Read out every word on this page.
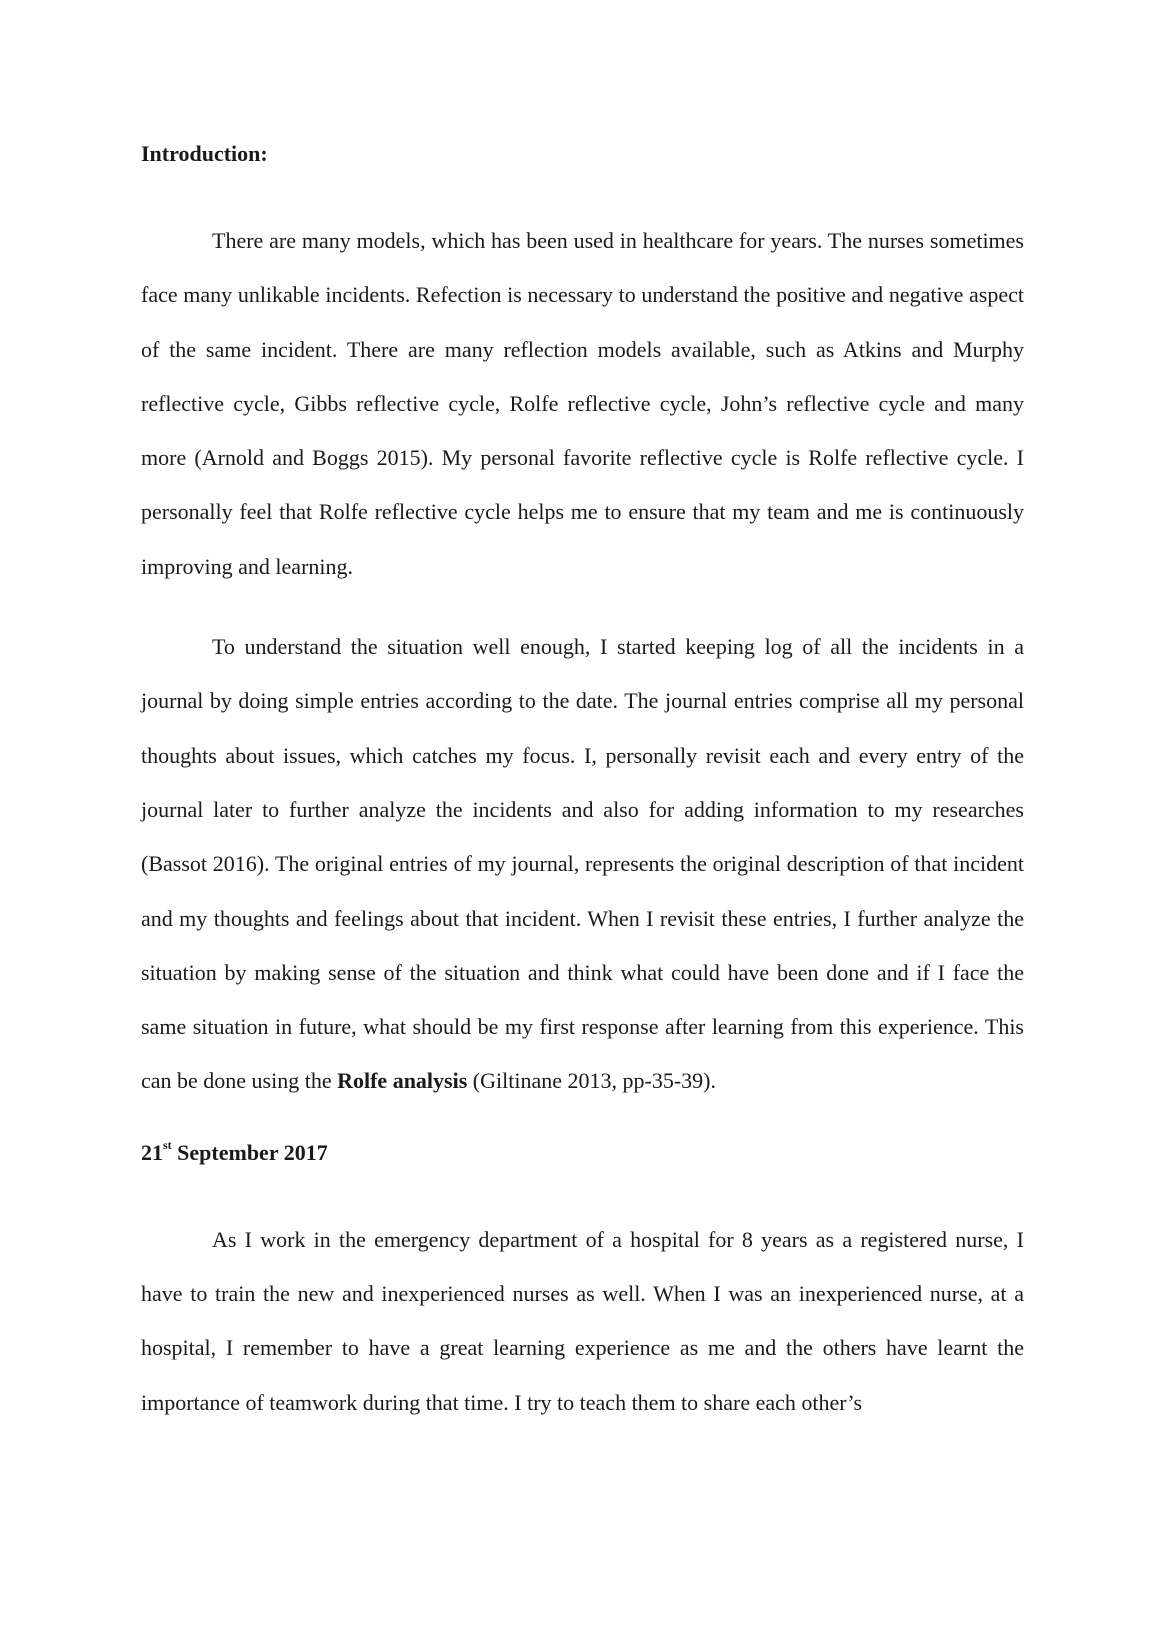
Introduction:

There are many models, which has been used in healthcare for years. The nurses sometimes face many unlikable incidents. Refection is necessary to understand the positive and negative aspect of the same incident. There are many reflection models available, such as Atkins and Murphy reflective cycle, Gibbs reflective cycle, Rolfe reflective cycle, John’s reflective cycle and many more (Arnold and Boggs 2015). My personal favorite reflective cycle is Rolfe reflective cycle. I personally feel that Rolfe reflective cycle helps me to ensure that my team and me is continuously improving and learning.

To understand the situation well enough, I started keeping log of all the incidents in a journal by doing simple entries according to the date. The journal entries comprise all my personal thoughts about issues, which catches my focus. I, personally revisit each and every entry of the journal later to further analyze the incidents and also for adding information to my researches (Bassot 2016). The original entries of my journal, represents the original description of that incident and my thoughts and feelings about that incident. When I revisit these entries, I further analyze the situation by making sense of the situation and think what could have been done and if I face the same situation in future, what should be my first response after learning from this experience. This can be done using the Rolfe analysis (Giltinane 2013, pp-35-39).

21st September 2017

As I work in the emergency department of a hospital for 8 years as a registered nurse, I have to train the new and inexperienced nurses as well. When I was an inexperienced nurse, at a hospital, I remember to have a great learning experience as me and the others have learnt the importance of teamwork during that time. I try to teach them to share each other’s
